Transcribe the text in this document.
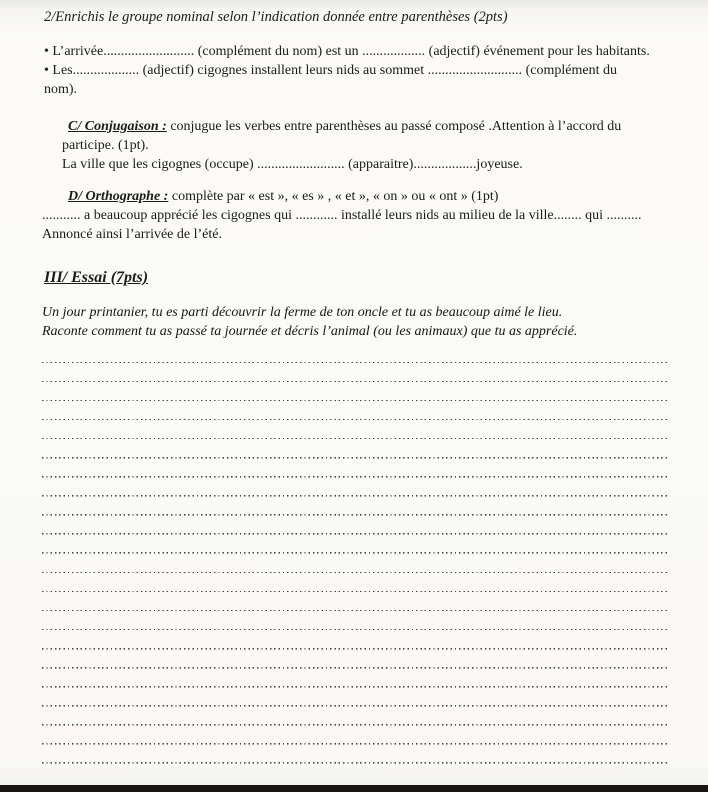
2/Enrichis le groupe nominal selon l’indication donnée entre parenthèses (2pts)

• L’arrivée.......................... (complément du nom) est un .................. (adjectif) événement pour les habitants.
• Les................... (adjectif) cigognes installent leurs nids au sommet ........................... (complément du nom).

C/ Conjugaison : conjugue les verbes entre parenthèses au passé composé .Attention à l’accord du participe. (1pt).

La ville que les cigognes (occupe) ......................... (apparaitre)..................joyeuse.

D/ Orthographe : complète par « est », « es » , « et », « on » ou « ont » (1pt)

........... a beaucoup apprécié les cigognes qui ............ installé leurs nids au milieu de la ville........ qui .......... Annoncé ainsi l’arrivée de l’été.

III/ Essai (7pts)

Un jour printanier, tu es parti découvrir la ferme de ton oncle et tu as beaucoup aimé le lieu.
Raconte comment tu as passé ta journée et décris l’animal (ou les animaux) que tu as apprécié.
